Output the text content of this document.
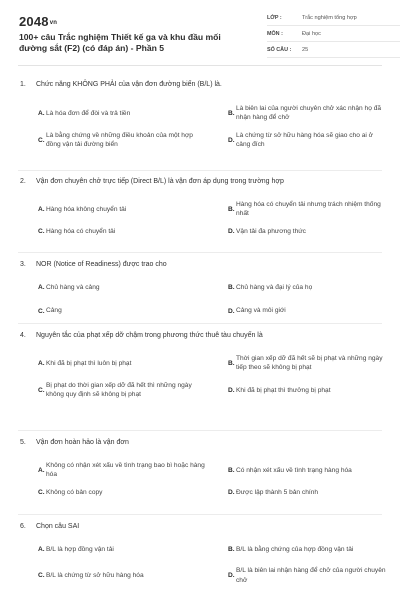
2048vn
100+ câu Trắc nghiệm Thiết kế ga và khu đầu mối đường sắt (F2) (có đáp án) - Phần 5
LỚP :	Trắc nghiệm tổng hợp
MÔN :	Đại học
SỐ CÂU :	25
1.	Chức năng KHÔNG PHẢI của vận đơn đường biển (B/L) là.
A. Là hóa đơn để đòi và trả tiền	B.
Là biên lai của người chuyên chở xác nhận họ đã nhận hàng để chở
C.
Là bằng chứng về những điều khoản của một hợp đồng vận tải đường biển
D.
Là chứng từ sở hữu hàng hóa sẽ giao cho ai ở cảng đích
2.	Vận đơn chuyên chở trực tiếp (Direct B/L) là vận đơn áp dụng trong trường hợp
A. Hàng hóa không chuyển tải	B.
Hàng hóa có chuyển tải nhưng trách nhiệm thống nhất
C. Hàng hóa có chuyển tải	D. Vận tải đa phương thức
3.	NOR (Notice of Readiness) được trao cho
A. Chủ hàng và cảng	B. Chủ hàng và đại lý của họ
C. Cảng	D. Cảng và môi giới
4.	Nguyên tắc của phạt xếp dỡ chậm trong phương thức thuê tàu chuyến là
A. Khi đã bị phạt thì luôn bị phạt	B.
Thời gian xếp dỡ đã hết sẽ bị phạt và những ngày tiếp theo sẽ không bị phạt
C.
Bị phạt do thời gian xếp dỡ đã hết thì những ngày không quy định sẽ không bị phạt
D. Khi đã bị phạt thì thưởng bị phạt
5.	Vận đơn hoàn hảo là vận đơn
A.
Không có nhận xét xấu về tình trạng bao bì hoặc hàng hóa
B. Có nhận xét xấu về tình trạng hàng hóa
C. Không có bản copy	D. Được lập thành 5 bản chính
6.	Chọn câu SAI
A. B/L là hợp đồng vận tải	B. B/L là bằng chứng của hợp đồng vận tải
C. B/L là chứng từ sở hữu hàng hóa	D.
B/L là biên lai nhận hàng để chở của người chuyên chở
